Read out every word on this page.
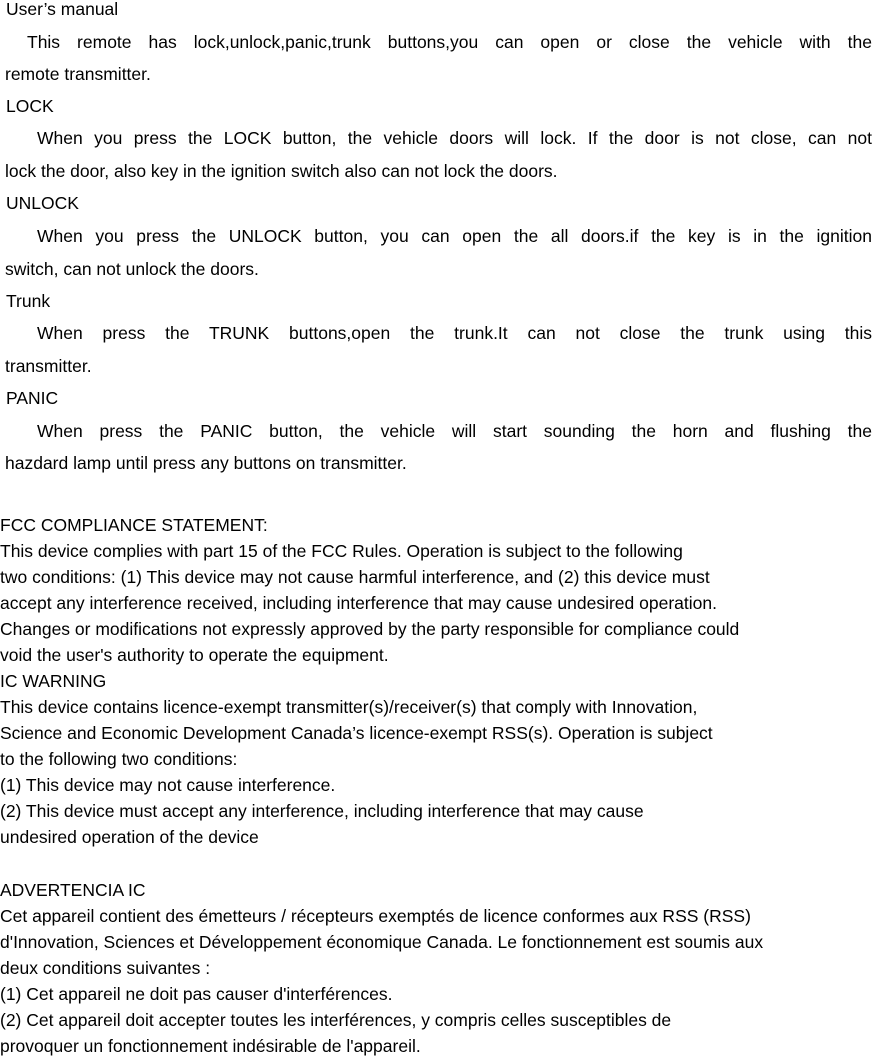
User’s manual

This remote has lock,unlock,panic,trunk buttons,you can open or close the vehicle with the

remote transmitter.

LOCK

When you press the LOCK button, the vehicle doors will lock. If the door is not close, can not

lock the door, also key in the ignition switch also can not lock the doors.

UNLOCK

When you press the UNLOCK button, you can open the all doors.if the key is in the ignition

switch, can not unlock the doors.

Trunk

When press the TRUNK buttons,open the trunk.It can not close the trunk using this

transmitter.

PANIC

When press the PANIC button, the vehicle will start sounding the horn and flushing the

hazdard lamp until press any buttons on transmitter.

FCC COMPLIANCE STATEMENT:

This device complies with part 15 of the FCC Rules. Operation is subject to the following

two conditions: (1) This device may not cause harmful interference, and (2) this device must

accept any interference received, including interference that may cause undesired operation.

Changes or modifications not expressly approved by the party responsible for compliance could

void the user's authority to operate the equipment.

IC WARNING

This device contains licence-exempt transmitter(s)/receiver(s) that comply with Innovation,

Science and Economic Development Canada’s licence-exempt RSS(s). Operation is subject

to the following two conditions:

(1) This device may not cause interference.

(2) This device must accept any interference, including interference that may cause

undesired operation of the device

ADVERTENCIA IC

Cet appareil contient des émetteurs / récepteurs exemptés de licence conformes aux RSS (RSS)

d'Innovation, Sciences et Développement économique Canada. Le fonctionnement est soumis aux

deux conditions suivantes :

(1) Cet appareil ne doit pas causer d'interférences.

(2) Cet appareil doit accepter toutes les interférences, y compris celles susceptibles de

provoquer un fonctionnement indésirable de l'appareil.
